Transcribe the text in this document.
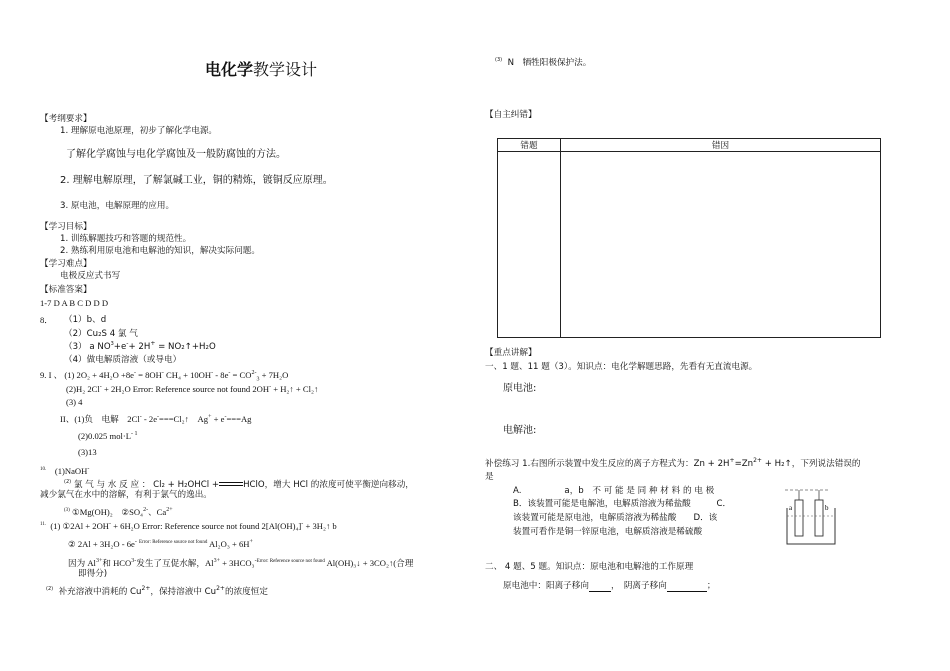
电化学教学设计
【考纲要求】
1. 理解原电池原理，初步了解化学电源。
了解化学腐蚀与电化学腐蚀及一般防腐蚀的方法。
2. 理解电解原理，了解氯碱工业，铜的精炼，镀铜反应原理。
3. 原电池，电解原理的应用。
【学习目标】
1. 训练解题技巧和答题的规范性。
2. 熟练利用原电池和电解池的知识，解决实际问题。
【学习难点】
电极反应式书写
【标准答案】
1-7 D A B C D D D
8． （1）b、d
（2）Cu₂S 4 氯 气
（3） a $NO_3+e^-+ 2H^+$ = NO₂↑+H₂O
（4）做电解质溶液（或导电）
9. I 、 (1) 2O₂ + 4H₂O +8e- = 8OH- $CH_4 + 10OH^- - 8e^- = CO^{2-}_3 + 7H_2O$
(2)H₂ 2Cl- + 2H₂O Error: Reference source not found 2OH- + H₂↑ + Cl₂↑
(3) 4
II、(1)负　电解　2Cl- - 2e-===Cl₂↑　Ag+ + e-===Ag
(2)0.025 $mol\cdot L^{- 1}$
(3)13
$^{10.}$ (1)NaOH-
$^{(2)}$ 氯 气 与 水 反 应 ： Cl₂ + H₂OHCl +	HClO，增大 HCl 的浓度可使平衡逆向移动，
减少氯气在水中的溶解，有利于氯气的逸出。
$^{(3)}$ ①Mg(OH)₂　②SO₄$^{2-}$、$Ca^{2+}$
$^{11.}$ (1) ①2Al + 2OH- + 6H₂O Error: Reference source not found 2[Al(OH)₄]- + 3H₂↑ b
② 2Al + 3H₂O - 6e- $^{Error: Reference source not found}$ Al₂O₃ + 6H+
因为 $Al^{3+}$和 $HCO^{3-}$发生了互促水解，$Al^{3+} + 3HCO_3^{-Error: Reference source not found}$ Al(OH)₃↓ + 3CO₂↑(合理
即得分)
$^{(2)}$ 补充溶液中消耗的 $Cu^{2+}$，保持溶液中 $Cu^{2+}$的浓度恒定
$^{(3)}$ N　牺牲阳极保护法。
【自主纠错】
错题	错因

【重点讲解】
一、1 题、11 题（3）。知识点：电化学解题思路，先看有无直流电源。
原电池:
电解池:
补偿练习 1.右图所示装置中发生反应的离子方程式为：$Zn + 2H^+=Zn^{2+}$ + H₂↑，下列说法错误的
是
A.　　　　　a，b　不 可 能 是 同 种 材 料 的 电 极
B．该装置可能是电解池，电解质溶液为稀盐酸　　　C．
该装置可能是原电池，电解质溶液为稀盐酸　　D．该
装置可看作是铜一锌原电池，电解质溶液是稀硫酸
a	b
二、 4 题、5 题。知识点：原电池和电解池的工作原理
原电池中：阳离子移向	，　阴离子移向	；
